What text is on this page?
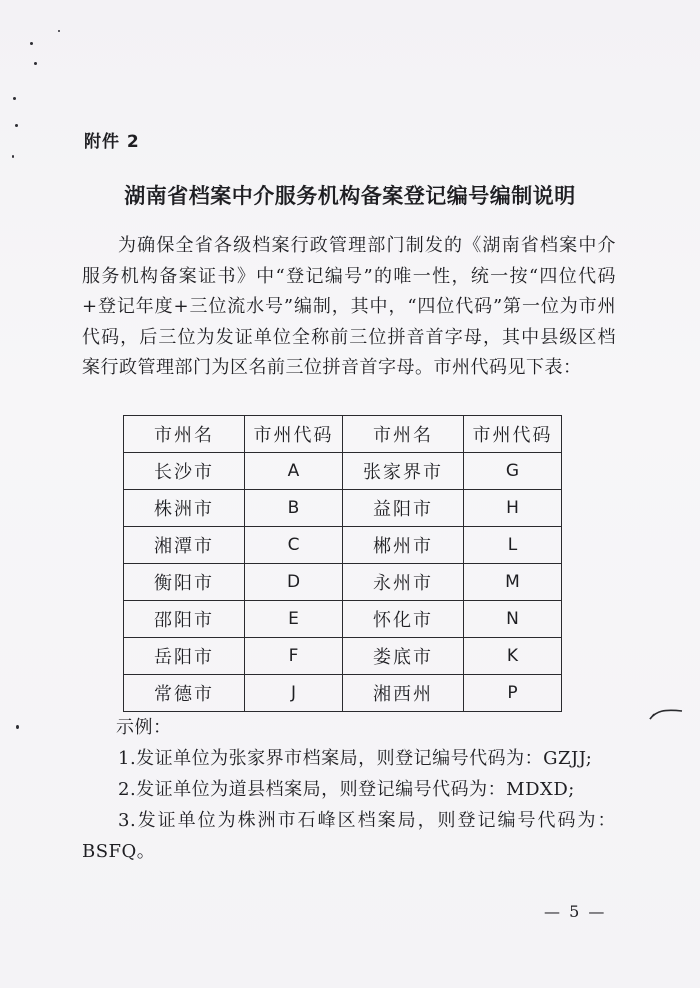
附件 2
湖南省档案中介服务机构备案登记编号编制说明
为确保全省各级档案行政管理部门制发的《湖南省档案中介服务机构备案证书》中“登记编号”的唯一性，统一按“四位代码+登记年度+三位流水号”编制，其中，“四位代码”第一位为市州代码，后三位为发证单位全称前三位拼音首字母，其中县级区档案行政管理部门为区名前三位拼音首字母。市州代码见下表：
市州名	市州代码	市州名	市州代码
长沙市	A	张家界市	G
株洲市	B	益阳市	H
湘潭市	C	郴州市	L
衡阳市	D	永州市	M
邵阳市	E	怀化市	N
岳阳市	F	娄底市	K
常德市	J	湘西州	P
示例：
1.发证单位为张家界市档案局，则登记编号代码为：GZJJ;
2.发证单位为道县档案局，则登记编号代码为：MDXD;
3.发证单位为株洲市石峰区档案局，则登记编号代码为：BSFQ。
— 5 —
